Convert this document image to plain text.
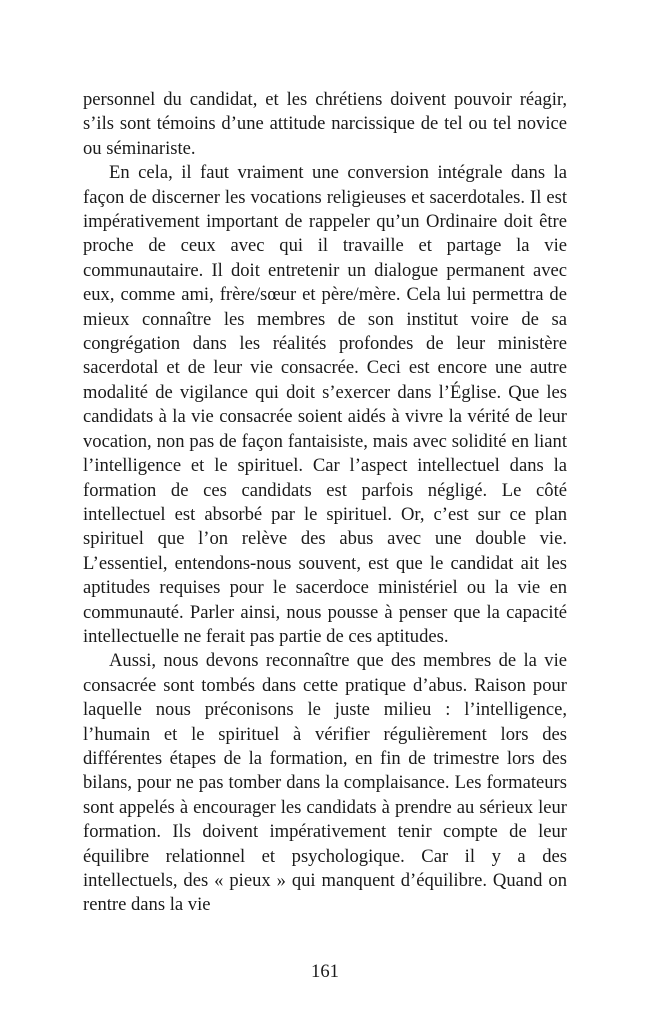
personnel du candidat, et les chrétiens doivent pouvoir réagir, s’ils sont témoins d’une attitude narcissique de tel ou tel novice ou séminariste.

En cela, il faut vraiment une conversion intégrale dans la façon de discerner les vocations religieuses et sacerdotales. Il est impérativement important de rappeler qu’un Ordinaire doit être proche de ceux avec qui il travaille et partage la vie communautaire. Il doit entretenir un dialogue permanent avec eux, comme ami, frère/sœur et père/mère. Cela lui permettra de mieux connaître les membres de son institut voire de sa congrégation dans les réalités profondes de leur ministère sacerdotal et de leur vie consacrée. Ceci est encore une autre modalité de vigilance qui doit s’exercer dans l’Église. Que les candidats à la vie consacrée soient aidés à vivre la vérité de leur vocation, non pas de façon fantaisiste, mais avec solidité en liant l’intelligence et le spirituel. Car l’aspect intellectuel dans la formation de ces candidats est parfois négligé. Le côté intellectuel est absorbé par le spirituel. Or, c’est sur ce plan spirituel que l’on relève des abus avec une double vie. L’essentiel, entendons-nous souvent, est que le candidat ait les aptitudes requises pour le sacerdoce ministériel ou la vie en communauté. Parler ainsi, nous pousse à penser que la capacité intellectuelle ne ferait pas partie de ces aptitudes.

Aussi, nous devons reconnaître que des membres de la vie consacrée sont tombés dans cette pratique d’abus. Raison pour laquelle nous préconisons le juste milieu : l’intelligence, l’humain et le spirituel à vérifier régulièrement lors des différentes étapes de la formation, en fin de trimestre lors des bilans, pour ne pas tomber dans la complaisance. Les formateurs sont appelés à encourager les candidats à prendre au sérieux leur formation. Ils doivent impérativement tenir compte de leur équilibre relationnel et psychologique. Car il y a des intellectuels, des « pieux » qui manquent d’équilibre. Quand on rentre dans la vie

161
